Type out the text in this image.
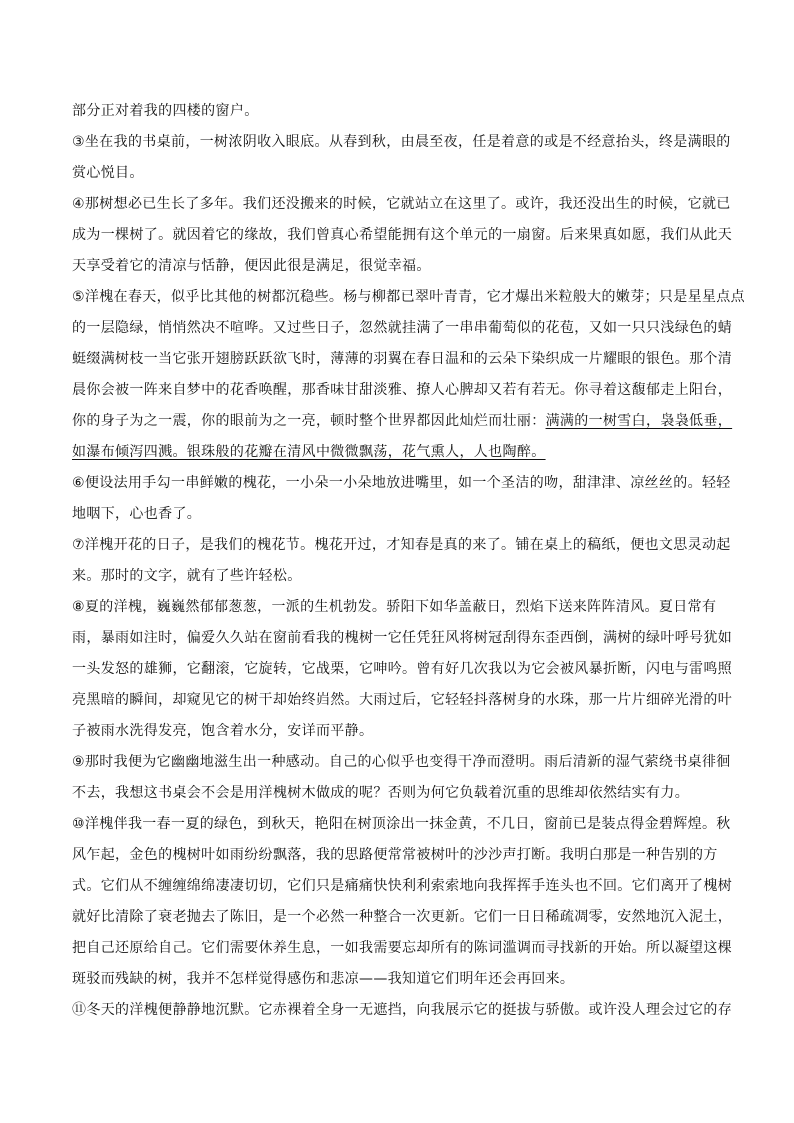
部分正对着我的四楼的窗户。
③坐在我的书桌前，一树浓阴收入眼底。从春到秋，由晨至夜，任是着意的或是不经意抬头，终是满眼的
赏心悦目。
④那树想必已生长了多年。我们还没搬来的时候，它就站立在这里了。或许，我还没出生的时候，它就已
成为一棵树了。就因着它的缘故，我们曾真心希望能拥有这个单元的一扇窗。后来果真如愿，我们从此天
天享受着它的清凉与恬静，便因此很是满足，很觉幸福。
⑤洋槐在春天，似乎比其他的树都沉稳些。杨与柳都已翠叶青青，它才爆出米粒般大的嫩芽；只是星星点点
的一层隐绿，悄悄然决不喧哗。又过些日子，忽然就挂满了一串串葡萄似的花苞，又如一只只浅绿色的蜻
蜓缀满树枝一当它张开翅膀跃跃欲飞时，薄薄的羽翼在春日温和的云朵下染织成一片耀眼的银色。那个清
晨你会被一阵来自梦中的花香唤醒，那香味甘甜淡雅、撩人心脾却又若有若无。你寻着这馥郁走上阳台，
你的身子为之一震，你的眼前为之一亮，顿时整个世界都因此灿烂而壮丽：满满的一树雪白，袅袅低垂，
如瀑布倾泻四溅。银珠般的花瓣在清风中微微飘荡，花气熏人，人也陶醉。
⑥便设法用手勾一串鲜嫩的槐花，一小朵一小朵地放进嘴里，如一个圣洁的吻，甜津津、凉丝丝的。轻轻
地咽下，心也香了。
⑦洋槐开花的日子，是我们的槐花节。槐花开过，才知春是真的来了。铺在桌上的稿纸，便也文思灵动起
来。那时的文字，就有了些许轻松。
⑧夏的洋槐，巍巍然郁郁葱葱，一派的生机勃发。骄阳下如华盖蔽日，烈焰下送来阵阵清风。夏日常有
雨，暴雨如注时，偏爱久久站在窗前看我的槐树一它任凭狂风将树冠刮得东歪西倒，满树的绿叶呼号犹如
一头发怒的雄狮，它翻滚，它旋转，它战栗，它呻吟。曾有好几次我以为它会被风暴折断，闪电与雷鸣照
亮黑暗的瞬间，却窥见它的树干却始终岿然。大雨过后，它轻轻抖落树身的水珠，那一片片细碎光滑的叶
子被雨水洗得发亮，饱含着水分，安详而平静。
⑨那时我便为它幽幽地滋生出一种感动。自己的心似乎也变得干净而澄明。雨后清新的湿气萦绕书桌徘徊
不去，我想这书桌会不会是用洋槐树木做成的呢？否则为何它负载着沉重的思维却依然结实有力。
⑩洋槐伴我一春一夏的绿色，到秋天，艳阳在树顶涂出一抹金黄，不几日，窗前已是装点得金碧辉煌。秋
风乍起，金色的槐树叶如雨纷纷飘落，我的思路便常常被树叶的沙沙声打断。我明白那是一种告别的方
式。它们从不缠缠绵绵凄凄切切，它们只是痛痛快快利利索索地向我挥挥手连头也不回。它们离开了槐树
就好比清除了衰老抛去了陈旧，是一个必然一种整合一次更新。它们一日日稀疏凋零，安然地沉入泥土，
把自己还原给自己。它们需要休养生息，一如我需要忘却所有的陈词滥调而寻找新的开始。所以凝望这棵
斑驳而残缺的树，我并不怎样觉得感伤和悲凉——我知道它们明年还会再回来。
⑪冬天的洋槐便静静地沉默。它赤裸着全身一无遮挡，向我展示它的挺拔与骄傲。或许没人理会过它的存
